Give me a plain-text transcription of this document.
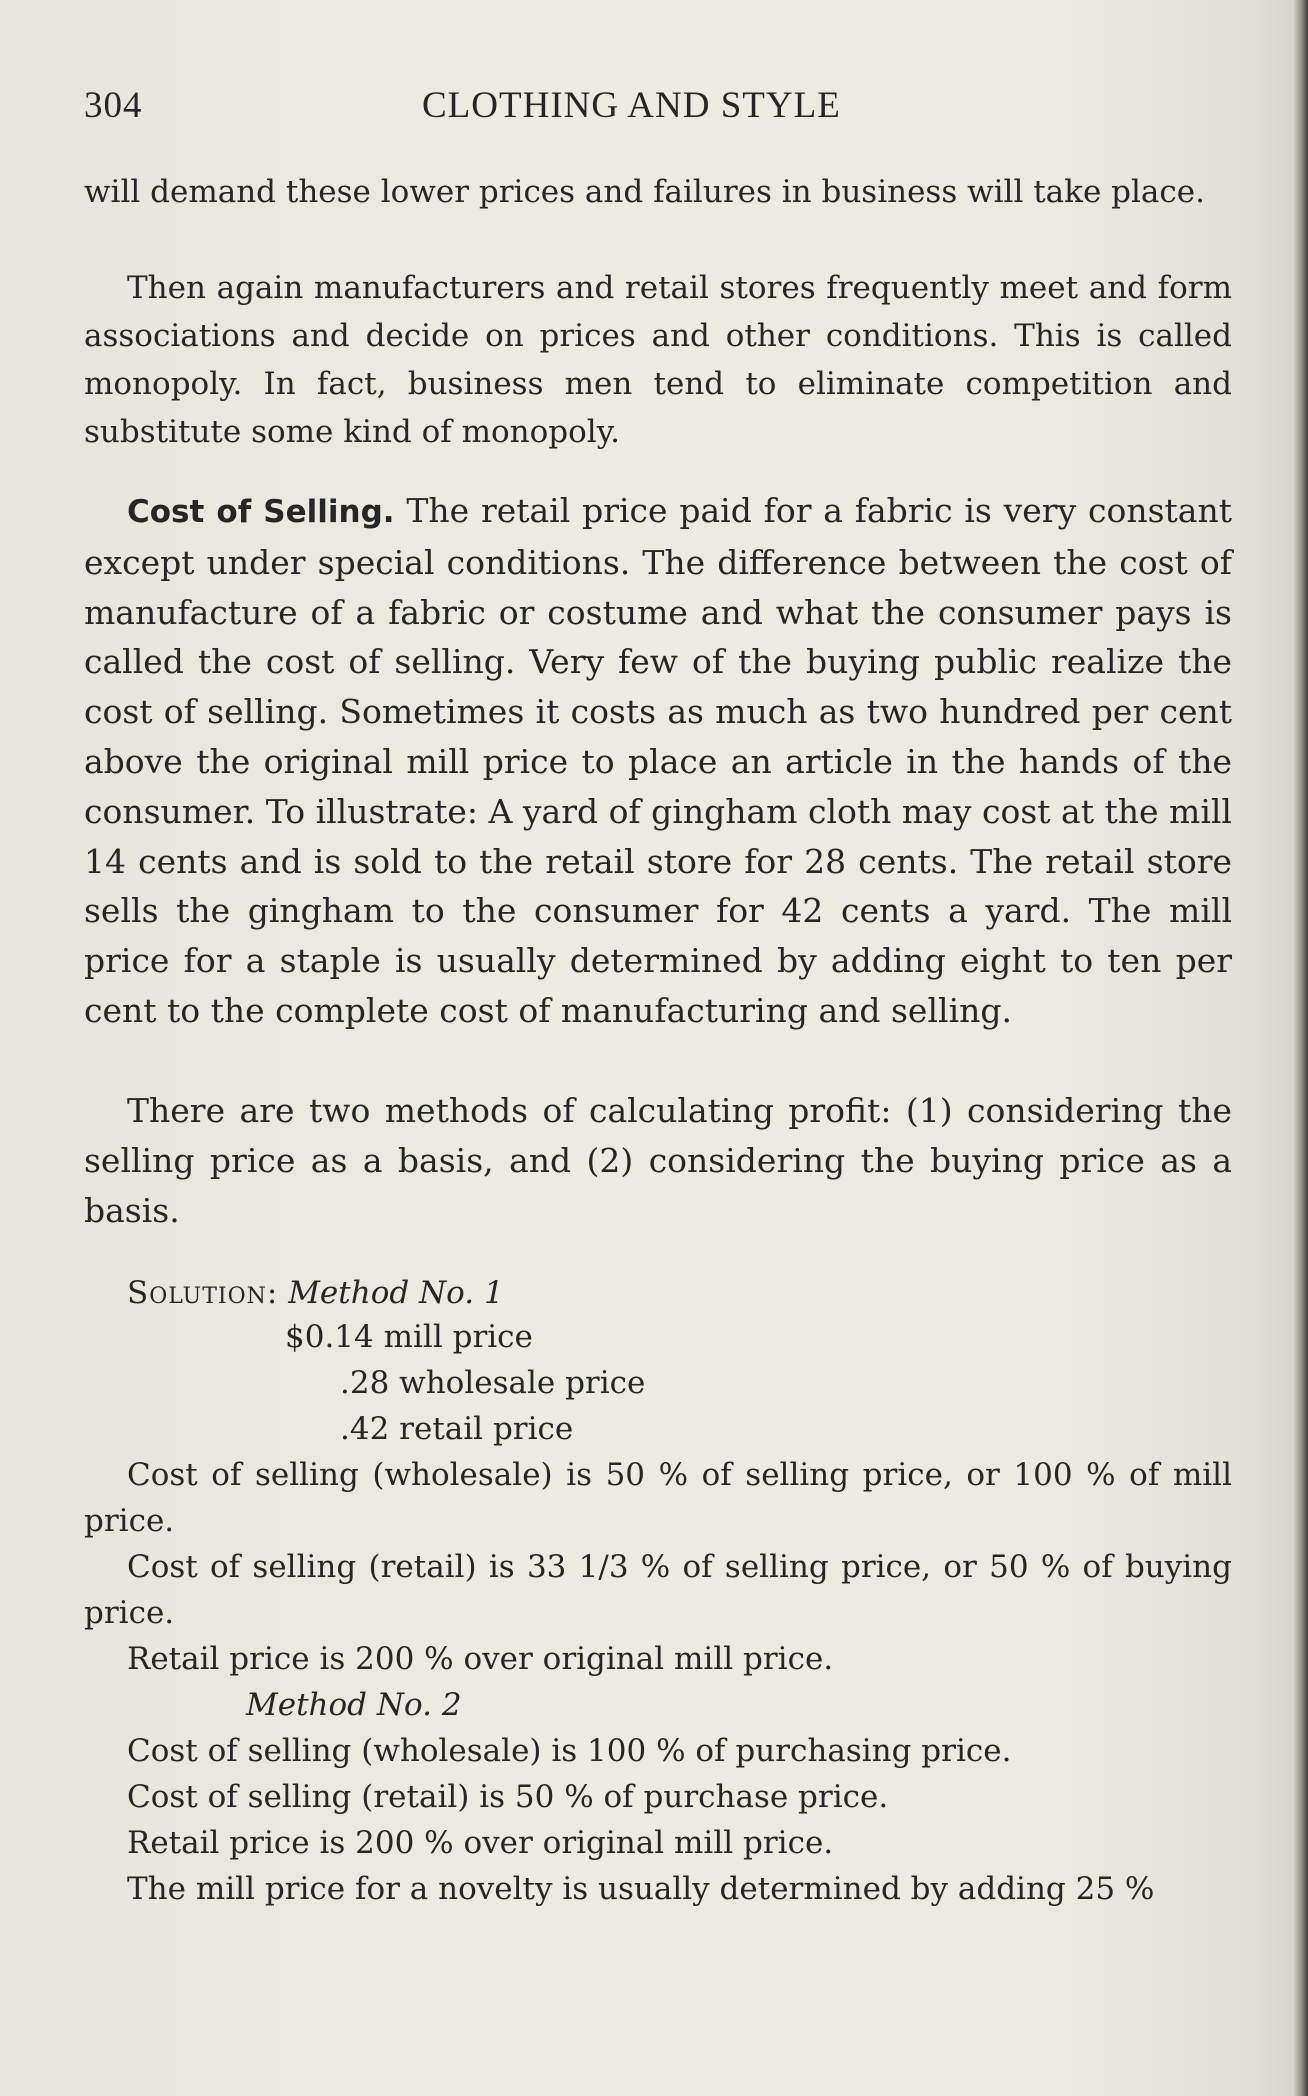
304	CLOTHING AND STYLE
will demand these lower prices and failures in business will take place.
Then again manufacturers and retail stores frequently meet and form associations and decide on prices and other conditions. This is called monopoly. In fact, business men tend to eliminate competition and substitute some kind of monopoly.
Cost of Selling. The retail price paid for a fabric is very constant except under special conditions. The difference between the cost of manufacture of a fabric or costume and what the consumer pays is called the cost of selling. Very few of the buying public realize the cost of selling. Sometimes it costs as much as two hundred per cent above the original mill price to place an article in the hands of the consumer. To illustrate: A yard of gingham cloth may cost at the mill 14 cents and is sold to the retail store for 28 cents. The retail store sells the gingham to the consumer for 42 cents a yard. The mill price for a staple is usually determined by adding eight to ten per cent to the complete cost of manufacturing and selling.
There are two methods of calculating profit: (1) considering the selling price as a basis, and (2) considering the buying price as a basis.
Solution: Method No. 1
$0.14 mill price
.28 wholesale price
.42 retail price
Cost of selling (wholesale) is 50 % of selling price, or 100 % of mill price.
Cost of selling (retail) is 33 1/3 % of selling price, or 50 % of buying price.
Retail price is 200 % over original mill price.
Method No. 2
Cost of selling (wholesale) is 100 % of purchasing price.
Cost of selling (retail) is 50 % of purchase price.
Retail price is 200 % over original mill price.
The mill price for a novelty is usually determined by adding 25 %
